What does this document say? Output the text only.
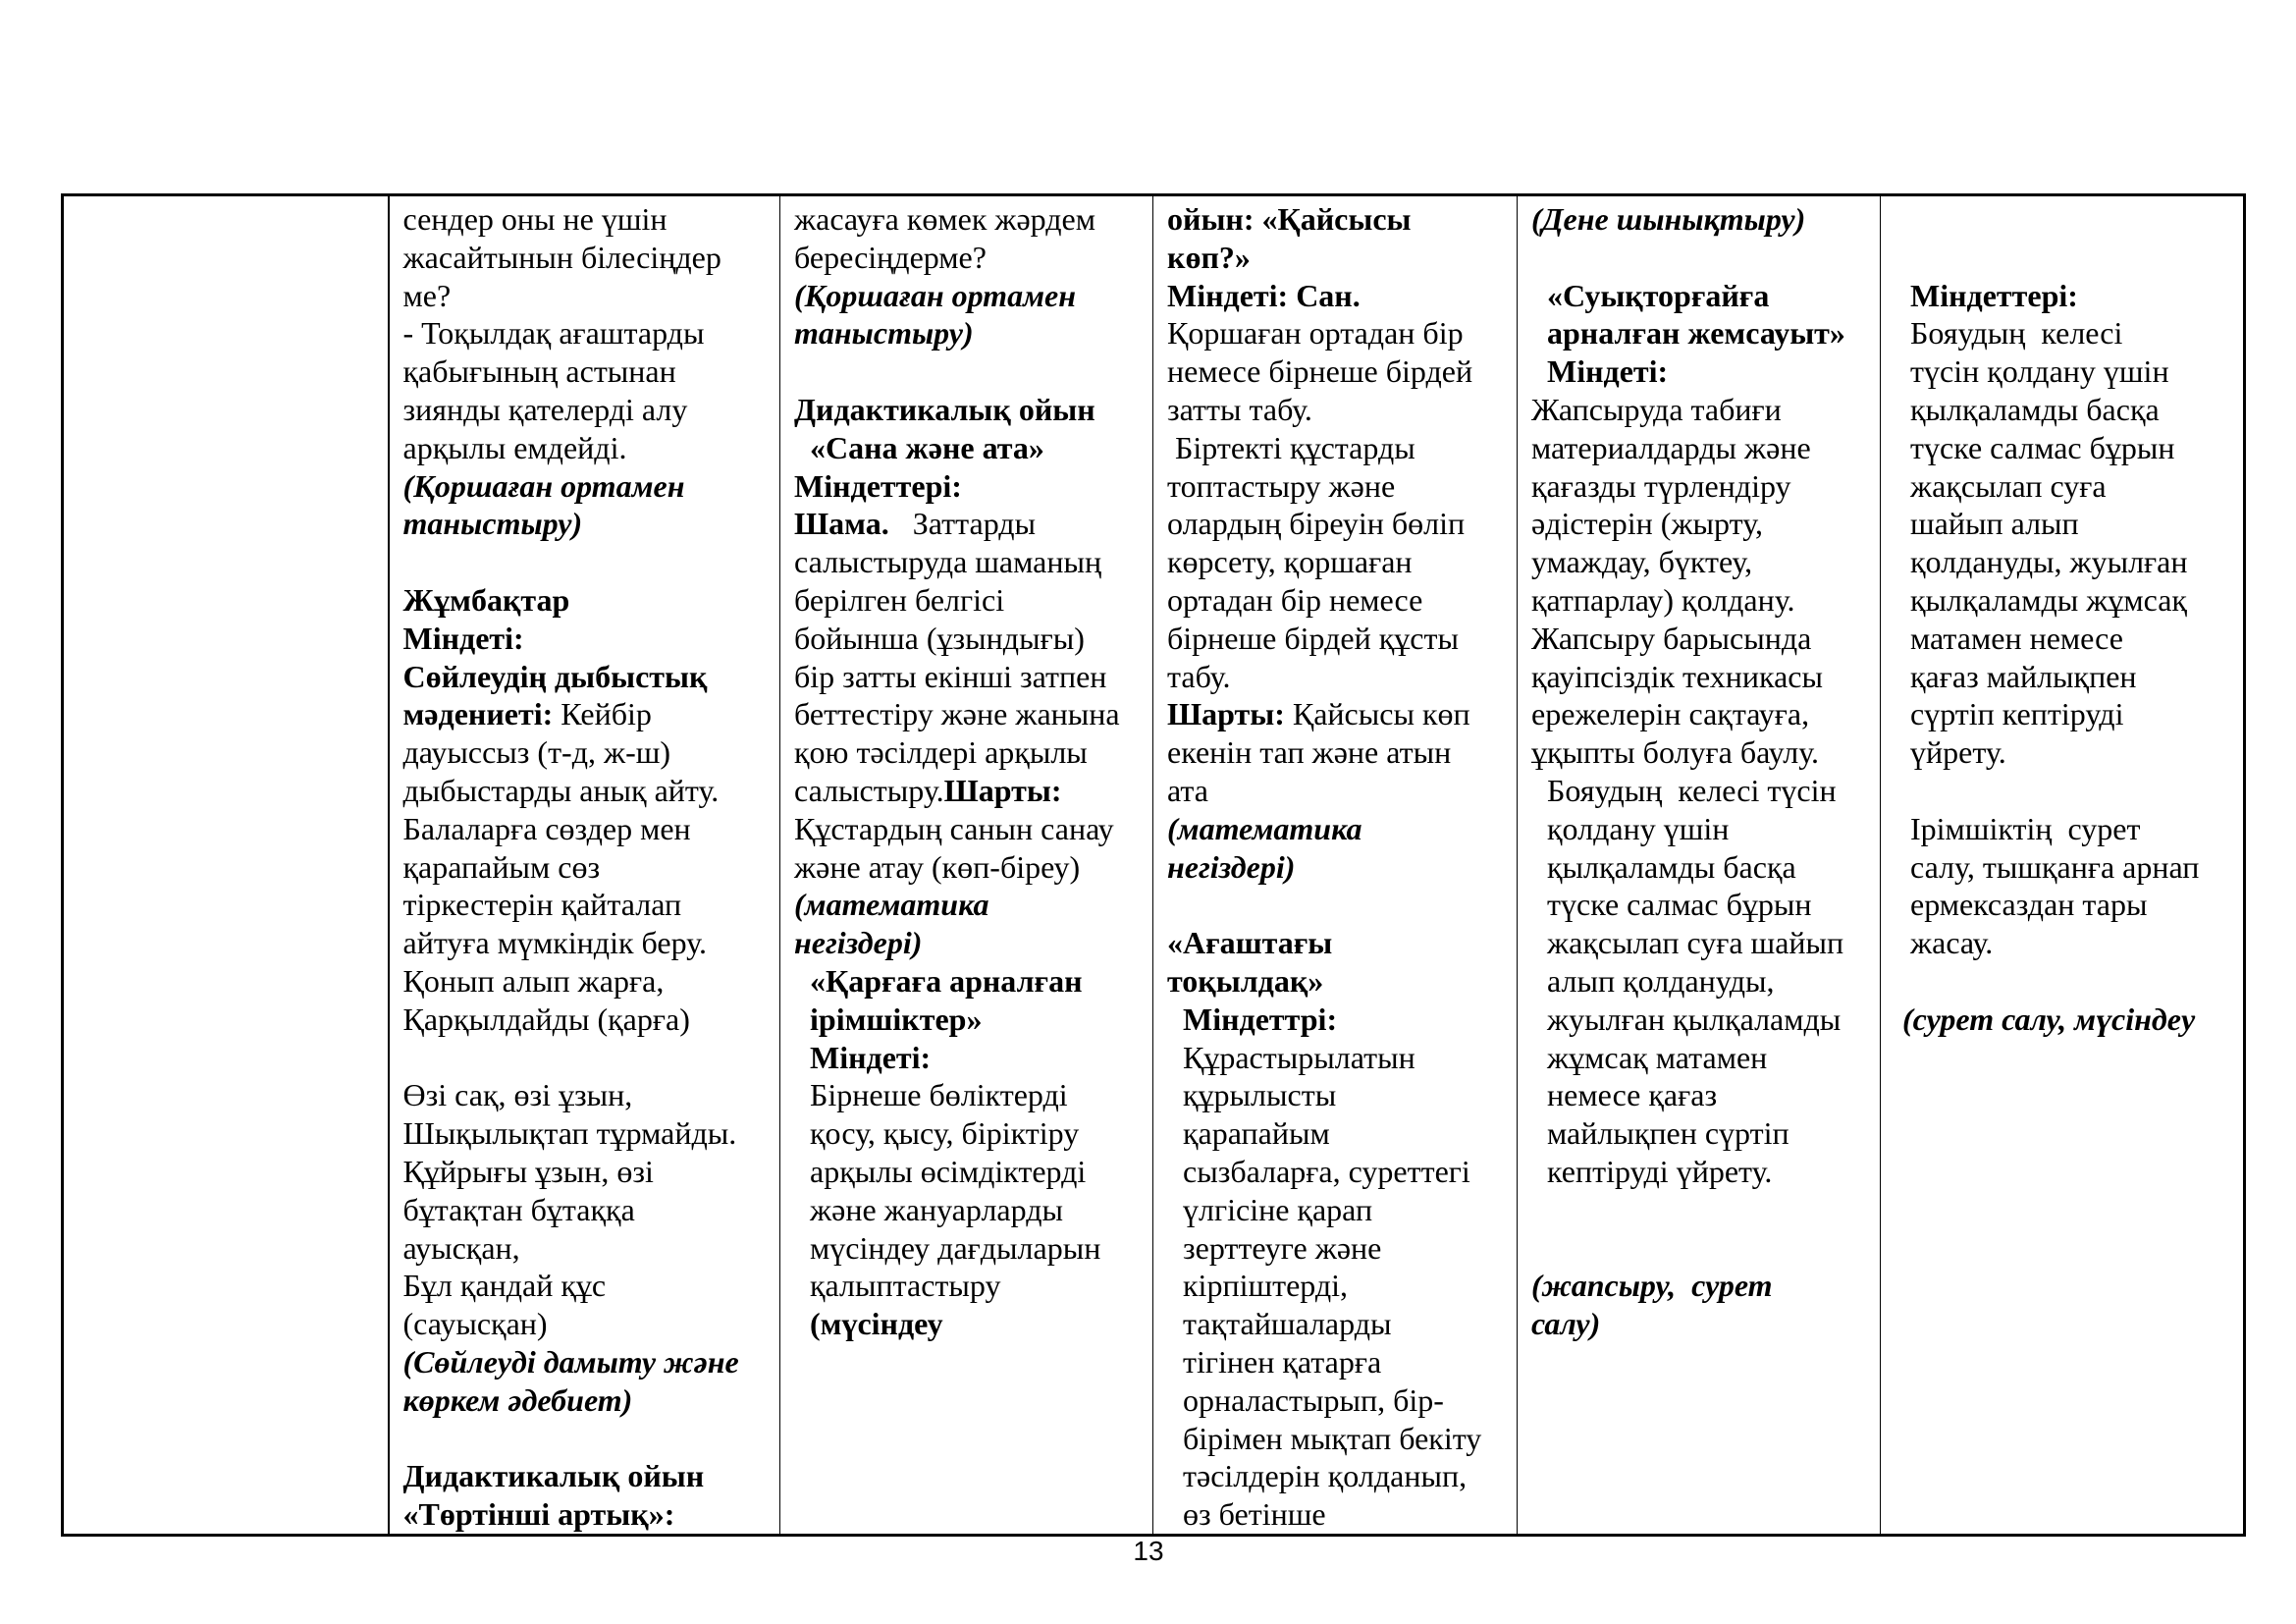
сендер оны не үшін
жасайтынын білесіңдер
ме?
- Тоқылдақ ағаштарды
қабығының астынан
зиянды қателерді алу
арқылы емдейді.
(Қоршаған ортамен
таныстыру)
Жұмбақтар
Міндеті:
Сөйлеудің дыбыстық
мәдениеті: Кейбір
дауыссыз (т-д, ж-ш)
дыбыстарды анық айту.
Балаларға сөздер мен
қарапайым сөз
тіркестерін қайталап
айтуға мүмкіндік беру.
Қонып алып жарға,
Қарқылдайды (қарға)
Өзі сақ, өзі ұзын,
Шықылықтап тұрмайды.
Құйрығы ұзын, өзі
бұтақтан бұтаққа
ауысқан,
Бұл қандай құс
(сауысқан)
(Сөйлеуді дамыту және
көркем әдебиет)
Дидактикалық ойын
«Төртінші артық»:

жасауға көмек жәрдем
бересіңдерме?
(Қоршаған ортамен
таныстыру)
Дидактикалық ойын
«Сана және ата»
Міндеттері:
Шама.   Заттарды
салыстыруда шаманың
берілген белгісі
бойынша (ұзындығы)
бір затты екінші затпен
беттестіру және жанына
қою тәсілдері арқылы
салыстыру.Шарты:
Құстардың санын санау
және атау (көп-біреу)
(математика
негіздері)
«Қарғаға арналған
ірімшіктер»
Міндеті:
Бірнеше бөліктерді
қосу, қысу, біріктіру
арқылы өсімдіктерді
және жануарларды
мүсіндеу дағдыларын
қалыптастыру
(мүсіндеу

ойын: «Қайсысы
көп?»
Міндеті: Сан.
Қоршаған ортадан бір
немесе бірнеше бірдей
затты табу.
Біртекті құстарды
топтастыру және
олардың біреуін бөліп
көрсету, қоршаған
ортадан бір немесе
бірнеше бірдей құсты
табу.
Шарты: Қайсысы көп
екенін тап және атын
ата
(математика
негіздері)
«Ағаштағы
тоқылдақ»
Міндеттрі:
Құрастырылатын
құрылысты
қарапайым
сызбаларға, суреттегі
үлгісіне қарап
зерттеуге және
кірпіштерді,
тақтайшаларды
тігінен қатарға
орналастырып, бір-
бірімен мықтап бекіту
тәсілдерін қолданып,
өз бетінше

(Дене шынықтыру)
«Суықторғайға
арналған жемсауыт»
Міндеті:
Жапсыруда табиғи
материалдарды және
қағазды түрлендіру
әдістерін (жырту,
умаждау, бүктеу,
қатпарлау) қолдану.
Жапсыру барысында
қауіпсіздік техникасы
ережелерін сақтауға,
ұқыпты болуға баулу.
Бояудың  келесі түсін
қолдану үшін
қылқаламды басқа
түске салмас бұрын
жақсылап суға шайып
алып қолдануды,
жуылған қылқаламды
жұмсақ матамен
немесе қағаз
майлықпен сүртіп
кептіруді үйрету.
(жапсыру,  сурет
салу)

Міндеттері:
Бояудың  келесі
түсін қолдану үшін
қылқаламды басқа
түске салмас бұрын
жақсылап суға
шайып алып
қолдануды, жуылған
қылқаламды жұмсақ
матамен немесе
қағаз майлықпен
сүртіп кептіруді
үйрету.
Ірімшіктің  сурет
салу, тышқанға арнап
ермексаздан тары
жасау.
(сурет салу, мүсіндеу
13
